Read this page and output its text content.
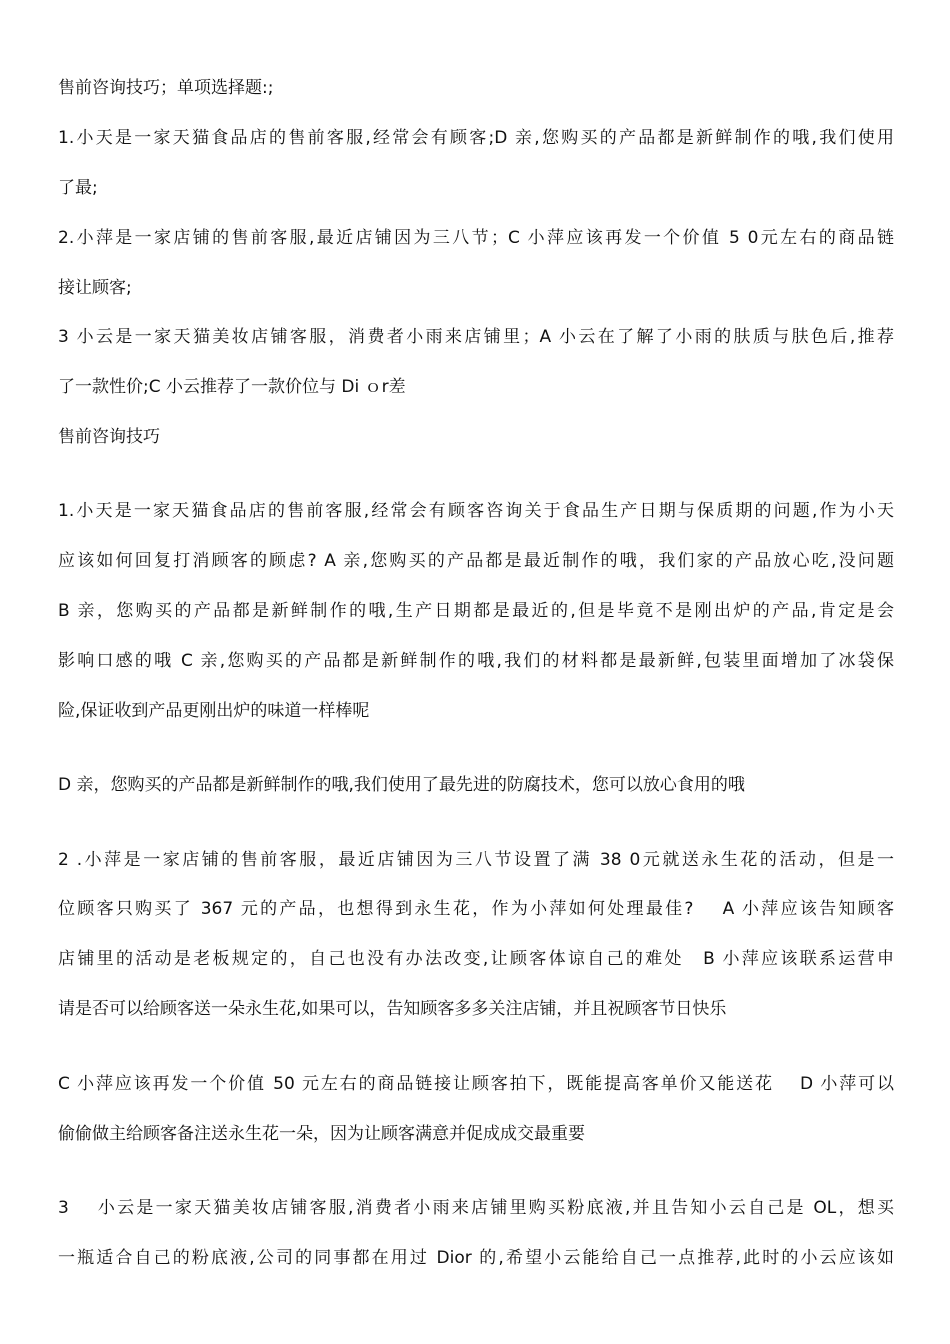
售前咨询技巧；单项选择题:;
1.小天是一家天猫食品店的售前客服,经常会有顾客;D 亲,您购买的产品都是新鲜制作的哦,我们使用
了最;
2.小萍是一家店铺的售前客服,最近店铺因为三八节；C 小萍应该再发一个价值 5 0元左右的商品链
接让顾客;
3 小云是一家天猫美妆店铺客服，消费者小雨来店铺里；A 小云在了解了小雨的肤质与肤色后,推荐
了一款性价;C 小云推荐了一款价位与 Di ｏr差
售前咨询技巧
1.小天是一家天猫食品店的售前客服,经常会有顾客咨询关于食品生产日期与保质期的问题,作为小天
应该如何回复打消顾客的顾虑? A 亲,您购买的产品都是最近制作的哦，我们家的产品放心吃,没问题
B 亲，您购买的产品都是新鲜制作的哦,生产日期都是最近的,但是毕竟不是刚出炉的产品,肯定是会
影响口感的哦 C 亲,您购买的产品都是新鲜制作的哦,我们的材料都是最新鲜,包装里面增加了冰袋保
险,保证收到产品更刚出炉的味道一样棒呢
D 亲，您购买的产品都是新鲜制作的哦,我们使用了最先进的防腐技术，您可以放心食用的哦
2 .小萍是一家店铺的售前客服，最近店铺因为三八节设置了满 38 0元就送永生花的活动，但是一
位顾客只购买了 367 元的产品，也想得到永生花，作为小萍如何处理最佳?　 A 小萍应该告知顾客
店铺里的活动是老板规定的，自己也没有办法改变,让顾客体谅自己的难处　B 小萍应该联系运营申
请是否可以给顾客送一朵永生花,如果可以，告知顾客多多关注店铺，并且祝顾客节日快乐
C 小萍应该再发一个价值 50 元左右的商品链接让顾客拍下，既能提高客单价又能送花　 D 小萍可以
偷偷做主给顾客备注送永生花一朵，因为让顾客满意并促成成交最重要
3　 小云是一家天猫美妆店铺客服,消费者小雨来店铺里购买粉底液,并且告知小云自己是 OL，想买
一瓶适合自己的粉底液,公司的同事都在用过 Dior 的,希望小云能给自己一点推荐,此时的小云应该如
